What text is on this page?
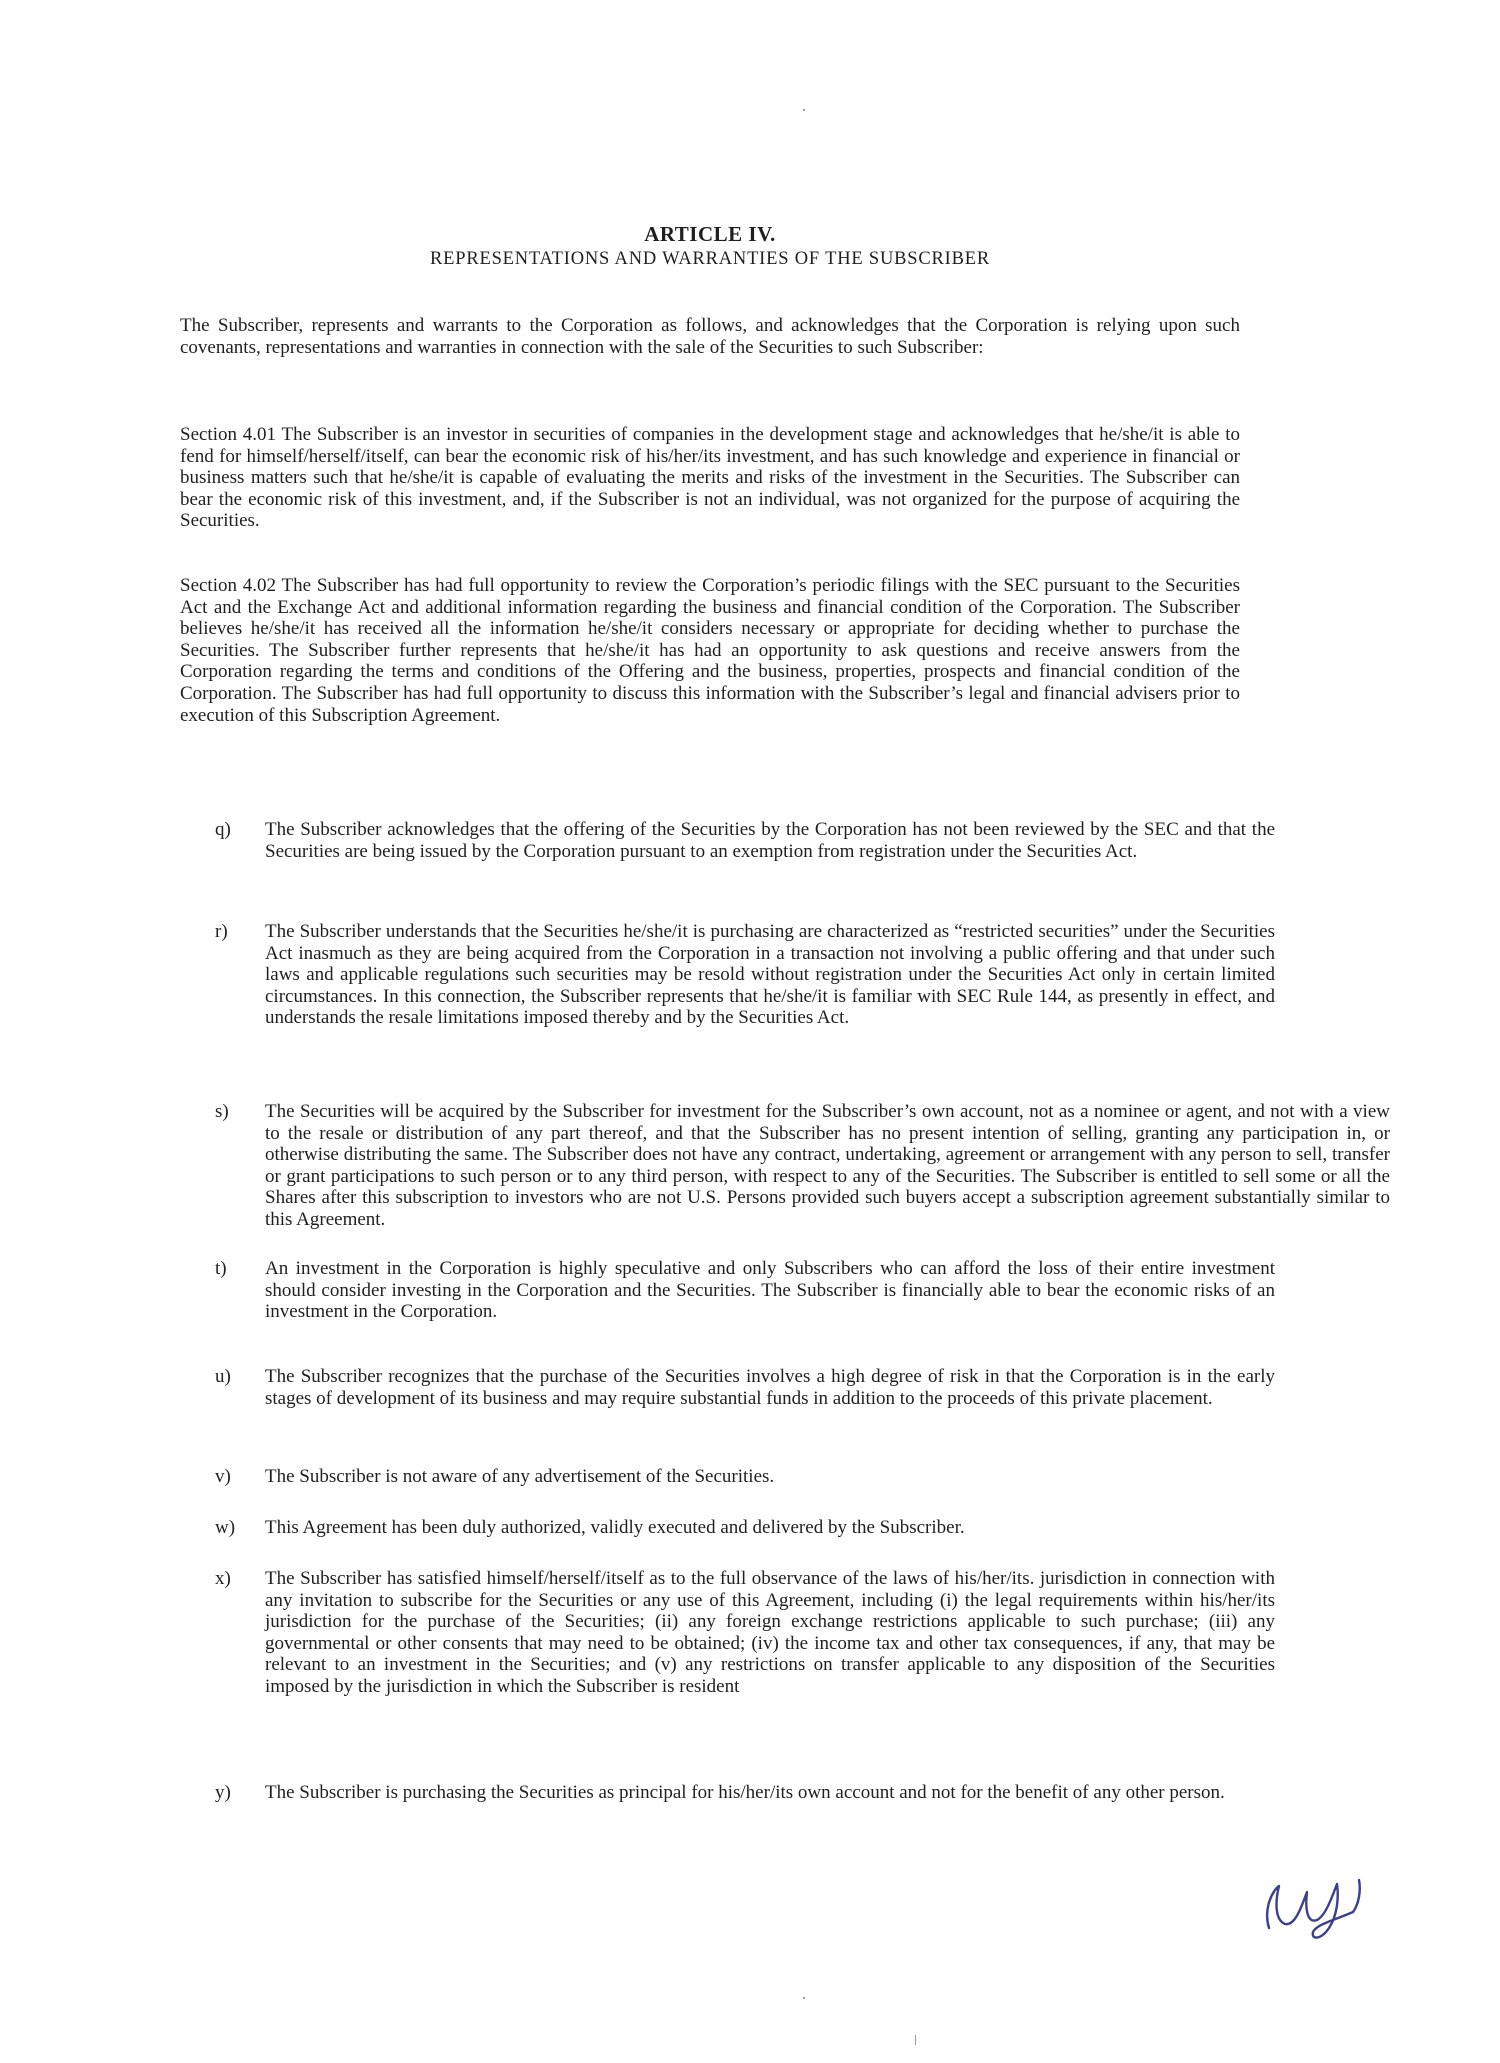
ARTICLE IV.
REPRESENTATIONS AND WARRANTIES OF THE SUBSCRIBER

The Subscriber, represents and warrants to the Corporation as follows, and acknowledges that the Corporation is relying upon such covenants, representations and warranties in connection with the sale of the Securities to such Subscriber:

Section 4.01 The Subscriber is an investor in securities of companies in the development stage and acknowledges that he/she/it is able to fend for himself/herself/itself, can bear the economic risk of his/her/its investment, and has such knowledge and experience in financial or business matters such that he/she/it is capable of evaluating the merits and risks of the investment in the Securities. The Subscriber can bear the economic risk of this investment, and, if the Subscriber is not an individual, was not organized for the purpose of acquiring the Securities.

Section 4.02 The Subscriber has had full opportunity to review the Corporation’s periodic filings with the SEC pursuant to the Securities Act and the Exchange Act and additional information regarding the business and financial condition of the Corporation. The Subscriber believes he/she/it has received all the information he/she/it considers necessary or appropriate for deciding whether to purchase the Securities. The Subscriber further represents that he/she/it has had an opportunity to ask questions and receive answers from the Corporation regarding the terms and conditions of the Offering and the business, properties, prospects and financial condition of the Corporation. The Subscriber has had full opportunity to discuss this information with the Subscriber’s legal and financial advisers prior to execution of this Subscription Agreement.

q)	The Subscriber acknowledges that the offering of the Securities by the Corporation has not been reviewed by the SEC and that the Securities are being issued by the Corporation pursuant to an exemption from registration under the Securities Act.

r)	The Subscriber understands that the Securities he/she/it is purchasing are characterized as “restricted securities” under the Securities Act inasmuch as they are being acquired from the Corporation in a transaction not involving a public offering and that under such laws and applicable regulations such securities may be resold without registration under the Securities Act only in certain limited circumstances. In this connection, the Subscriber represents that he/she/it is familiar with SEC Rule 144, as presently in effect, and understands the resale limitations imposed thereby and by the Securities Act.

s)	The Securities will be acquired by the Subscriber for investment for the Subscriber’s own account, not as a nominee or agent, and not with a view to the resale or distribution of any part thereof, and that the Subscriber has no present intention of selling, granting any participation in, or otherwise distributing the same. The Subscriber does not have any contract, undertaking, agreement or arrangement with any person to sell, transfer or grant participations to such person or to any third person, with respect to any of the Securities. The Subscriber is entitled to sell some or all the Shares after this subscription to investors who are not U.S. Persons provided such buyers accept a subscription agreement substantially similar to this Agreement.

t)	An investment in the Corporation is highly speculative and only Subscribers who can afford the loss of their entire investment should consider investing in the Corporation and the Securities. The Subscriber is financially able to bear the economic risks of an investment in the Corporation.

u)	The Subscriber recognizes that the purchase of the Securities involves a high degree of risk in that the Corporation is in the early stages of development of its business and may require substantial funds in addition to the proceeds of this private placement.

v)	The Subscriber is not aware of any advertisement of the Securities.

w)	This Agreement has been duly authorized, validly executed and delivered by the Subscriber.

x)	The Subscriber has satisfied himself/herself/itself as to the full observance of the laws of his/her/its. jurisdiction in connection with any invitation to subscribe for the Securities or any use of this Agreement, including (i) the legal requirements within his/her/its jurisdiction for the purchase of the Securities; (ii) any foreign exchange restrictions applicable to such purchase; (iii) any governmental or other consents that may need to be obtained; (iv) the income tax and other tax consequences, if any, that may be relevant to an investment in the Securities; and (v) any restrictions on transfer applicable to any disposition of the Securities imposed by the jurisdiction in which the Subscriber is resident

y)	The Subscriber is purchasing the Securities as principal for his/her/its own account and not for the benefit of any other person.
